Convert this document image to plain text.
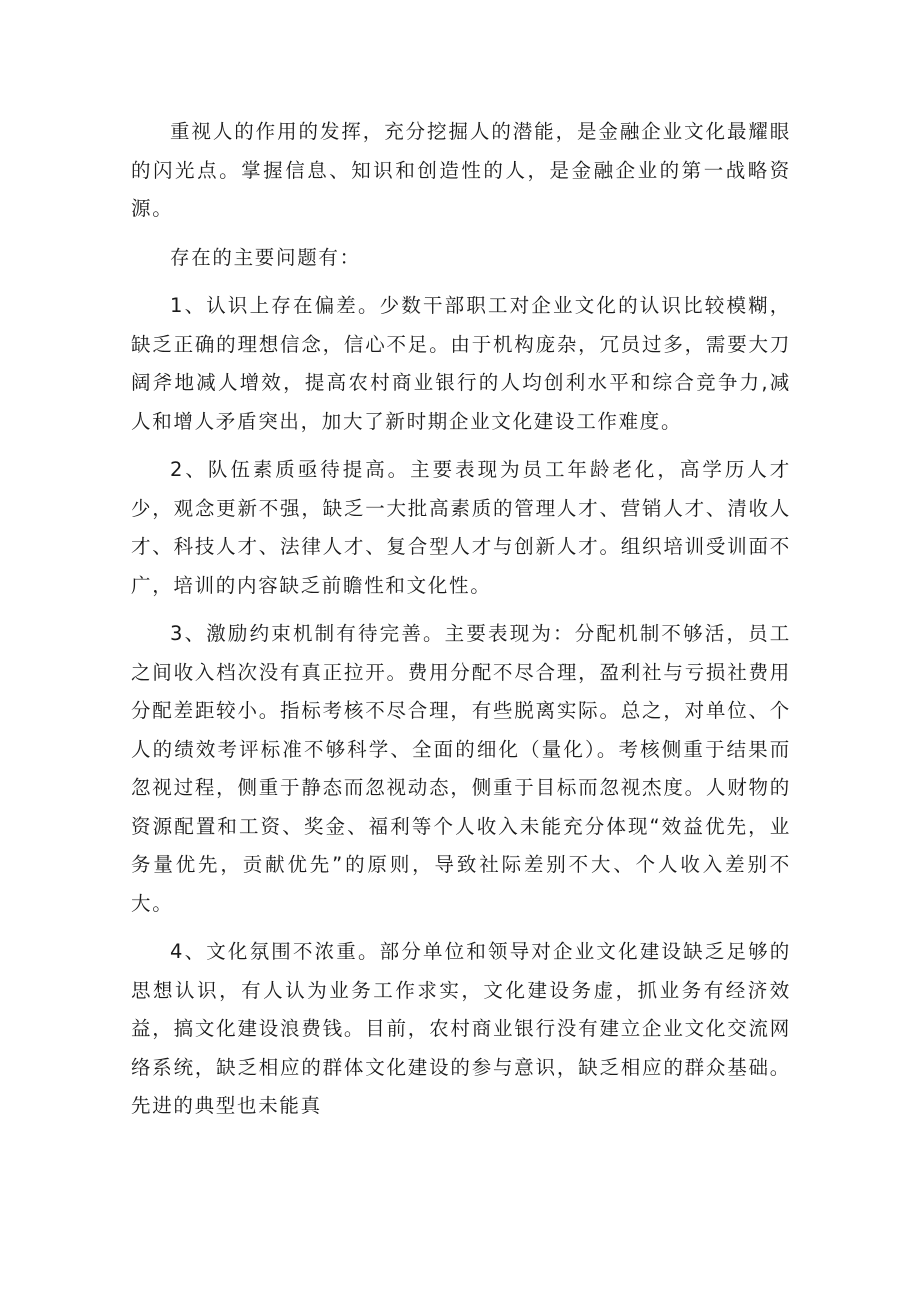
重视人的作用的发挥，充分挖掘人的潜能，是金融企业文化最耀眼的闪光点。掌握信息、知识和创造性的人，是金融企业的第一战略资源。

存在的主要问题有：

1、认识上存在偏差。少数干部职工对企业文化的认识比较模糊，缺乏正确的理想信念，信心不足。由于机构庞杂，冗员过多，需要大刀阔斧地减人增效，提高农村商业银行的人均创利水平和综合竞争力,减人和增人矛盾突出，加大了新时期企业文化建设工作难度。

2、队伍素质亟待提高。主要表现为员工年龄老化，高学历人才少，观念更新不强，缺乏一大批高素质的管理人才、营销人才、清收人才、科技人才、法律人才、复合型人才与创新人才。组织培训受训面不广，培训的内容缺乏前瞻性和文化性。

3、激励约束机制有待完善。主要表现为：分配机制不够活，员工之间收入档次没有真正拉开。费用分配不尽合理，盈利社与亏损社费用分配差距较小。指标考核不尽合理，有些脱离实际。总之，对单位、个人的绩效考评标准不够科学、全面的细化（量化）。考核侧重于结果而忽视过程，侧重于静态而忽视动态，侧重于目标而忽视杰度。人财物的资源配置和工资、奖金、福利等个人收入未能充分体现“效益优先，业务量优先，贡献优先”的原则，导致社际差别不大、个人收入差别不大。

4、文化氛围不浓重。部分单位和领导对企业文化建设缺乏足够的思想认识，有人认为业务工作求实，文化建设务虚，抓业务有经济效益，搞文化建设浪费钱。目前，农村商业银行没有建立企业文化交流网络系统，缺乏相应的群体文化建设的参与意识，缺乏相应的群众基础。先进的典型也未能真
